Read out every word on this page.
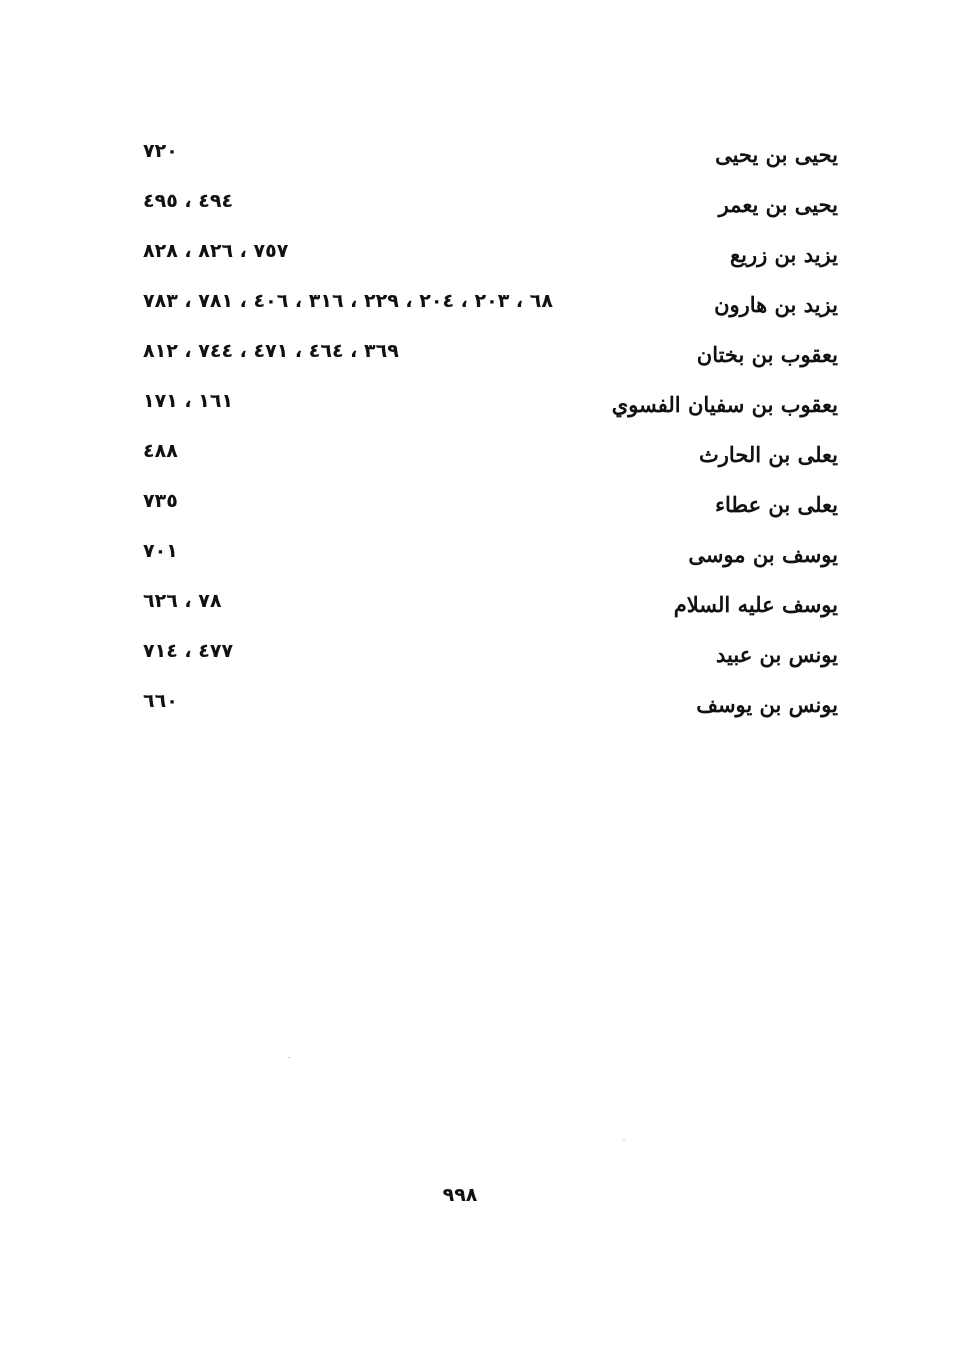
يحيى بن يحيى
٧٢٠
يحيى بن يعمر
٤٩٤ ، ٤٩٥
يزيد بن زريع
٧٥٧ ، ٨٢٦ ، ٨٢٨
يزيد بن هارون
٦٨ ، ٢٠٣ ، ٢٠٤ ، ٢٢٩ ، ٣١٦ ، ٤٠٦ ، ٧٨١ ، ٧٨٣
يعقوب بن بختان
٣٦٩ ، ٤٦٤ ، ٤٧١ ، ٧٤٤ ، ٨١٢
يعقوب بن سفيان الفسوي
١٦١ ، ١٧١
يعلى بن الحارث
٤٨٨
يعلى بن عطاء
٧٣٥
يوسف بن موسى
٧٠١
يوسف عليه السلام
٧٨ ، ٦٢٦
يونس بن عبيد
٤٧٧ ، ٧١٤
يونس بن يوسف
٦٦٠
٩٩٨
